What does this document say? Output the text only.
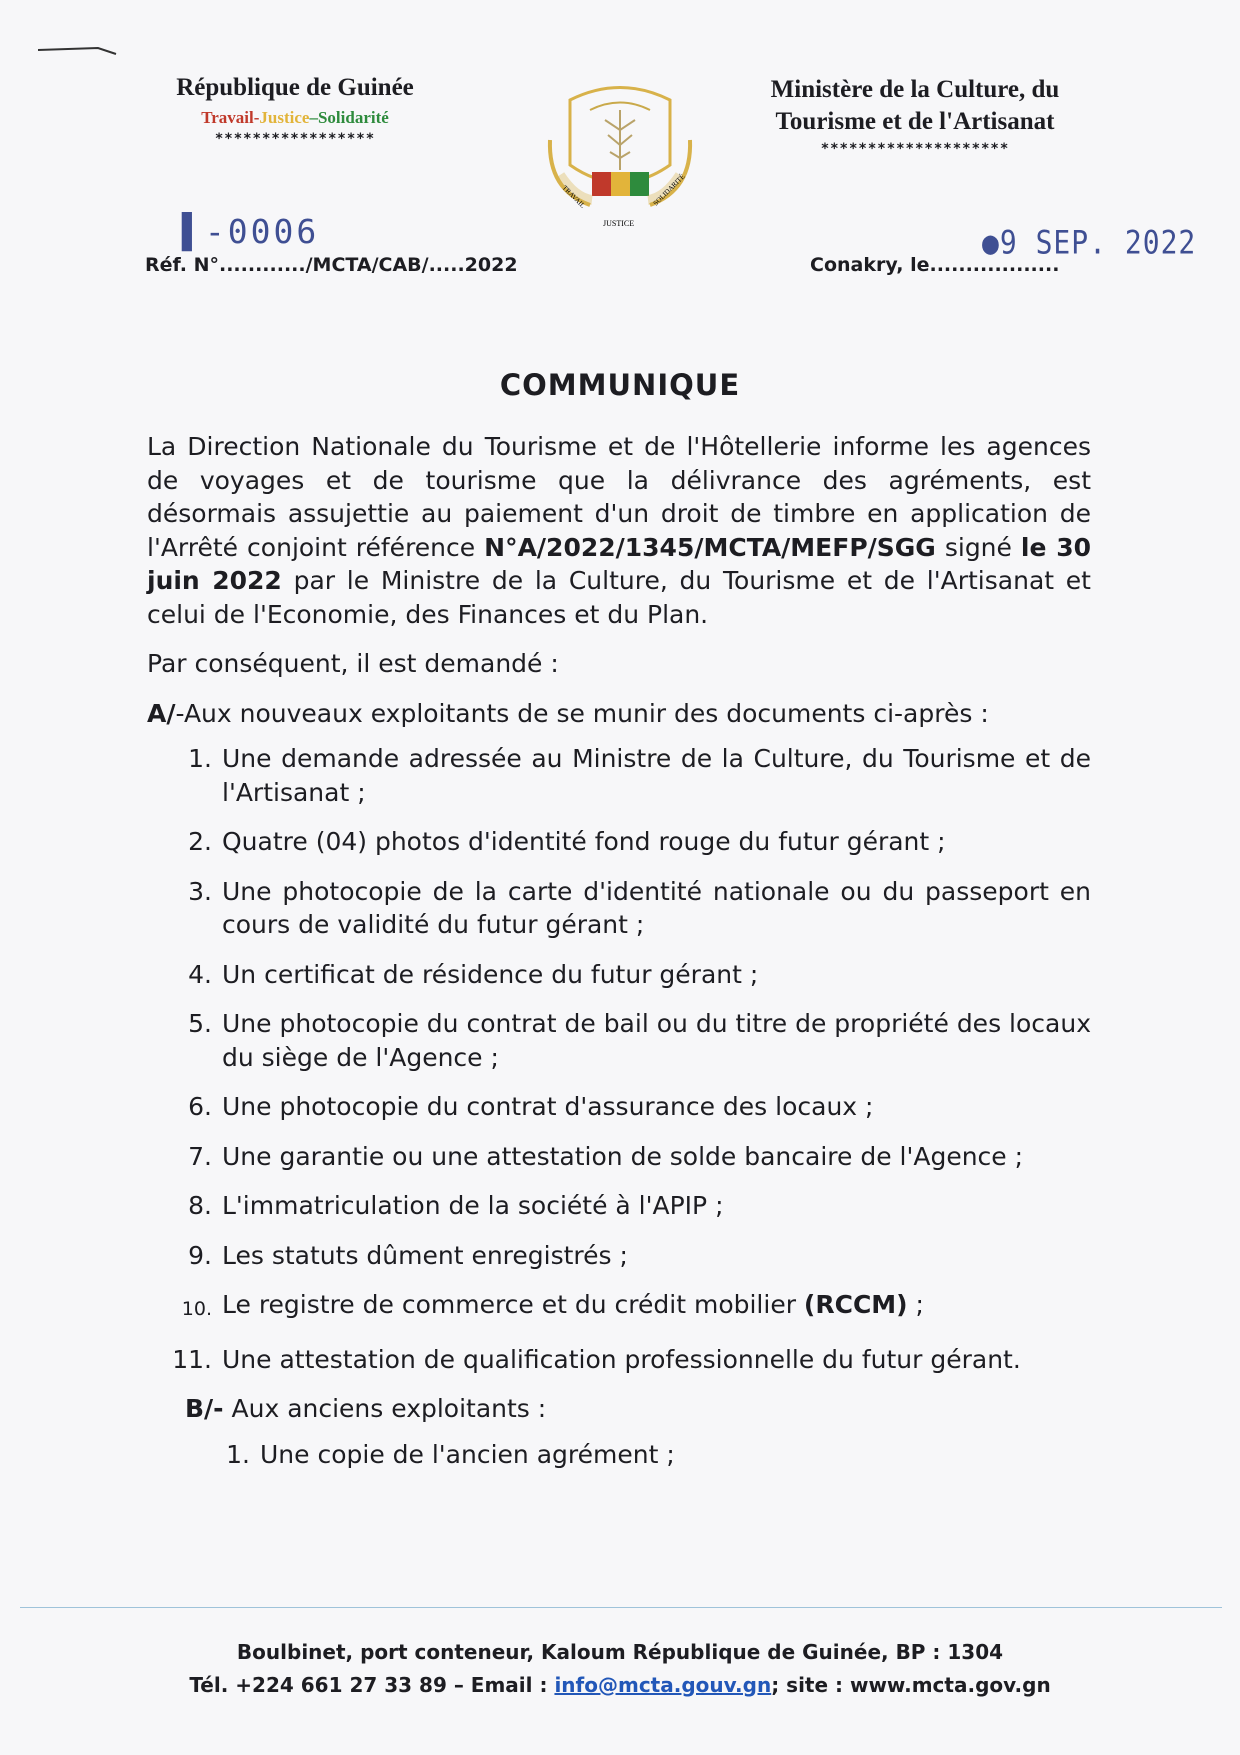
République de Guinée
Travail-Justice–Solidarité
*****************
TRAVAIL	SOLIDARITÉ
JUSTICE
Ministère de la Culture, du
Tourisme et de l'Artisanat
********************
▌-0006	●9 SEP. 2022
Réf. N°............/MCTA/CAB/.....2022	Conakry, le..................
COMMUNIQUE

La Direction Nationale du Tourisme et de l'Hôtellerie informe les agences de voyages et de tourisme que la délivrance des agréments, est désormais assujettie au paiement d'un droit de timbre en application de l'Arrêté conjoint référence N°A/2022/1345/MCTA/MEFP/SGG signé le 30 juin 2022 par le Ministre de la Culture, du Tourisme et de l'Artisanat et celui de l'Economie, des Finances et du Plan.

Par conséquent, il est demandé :

A/-Aux nouveaux exploitants de se munir des documents ci-après :

1. Une demande adressée au Ministre de la Culture, du Tourisme et de l'Artisanat ;
2. Quatre (04) photos d'identité fond rouge du futur gérant ;
3. Une photocopie de la carte d'identité nationale ou du passeport en cours de validité du futur gérant ;
4. Un certificat de résidence du futur gérant ;
5. Une photocopie du contrat de bail ou du titre de propriété des locaux du siège de l'Agence ;
6. Une photocopie du contrat d'assurance des locaux ;
7. Une garantie ou une attestation de solde bancaire de l'Agence ;
8. L'immatriculation de la société à l'APIP ;
9. Les statuts dûment enregistrés ;
10. Le registre de commerce et du crédit mobilier (RCCM) ;
11. Une attestation de qualification professionnelle du futur gérant.

B/- Aux anciens exploitants :

1. Une copie de l'ancien agrément ;
Boulbinet, port conteneur, Kaloum République de Guinée, BP : 1304
Tél. +224 661 27 33 89 – Email : info@mcta.gouv.gn; site : www.mcta.gov.gn
